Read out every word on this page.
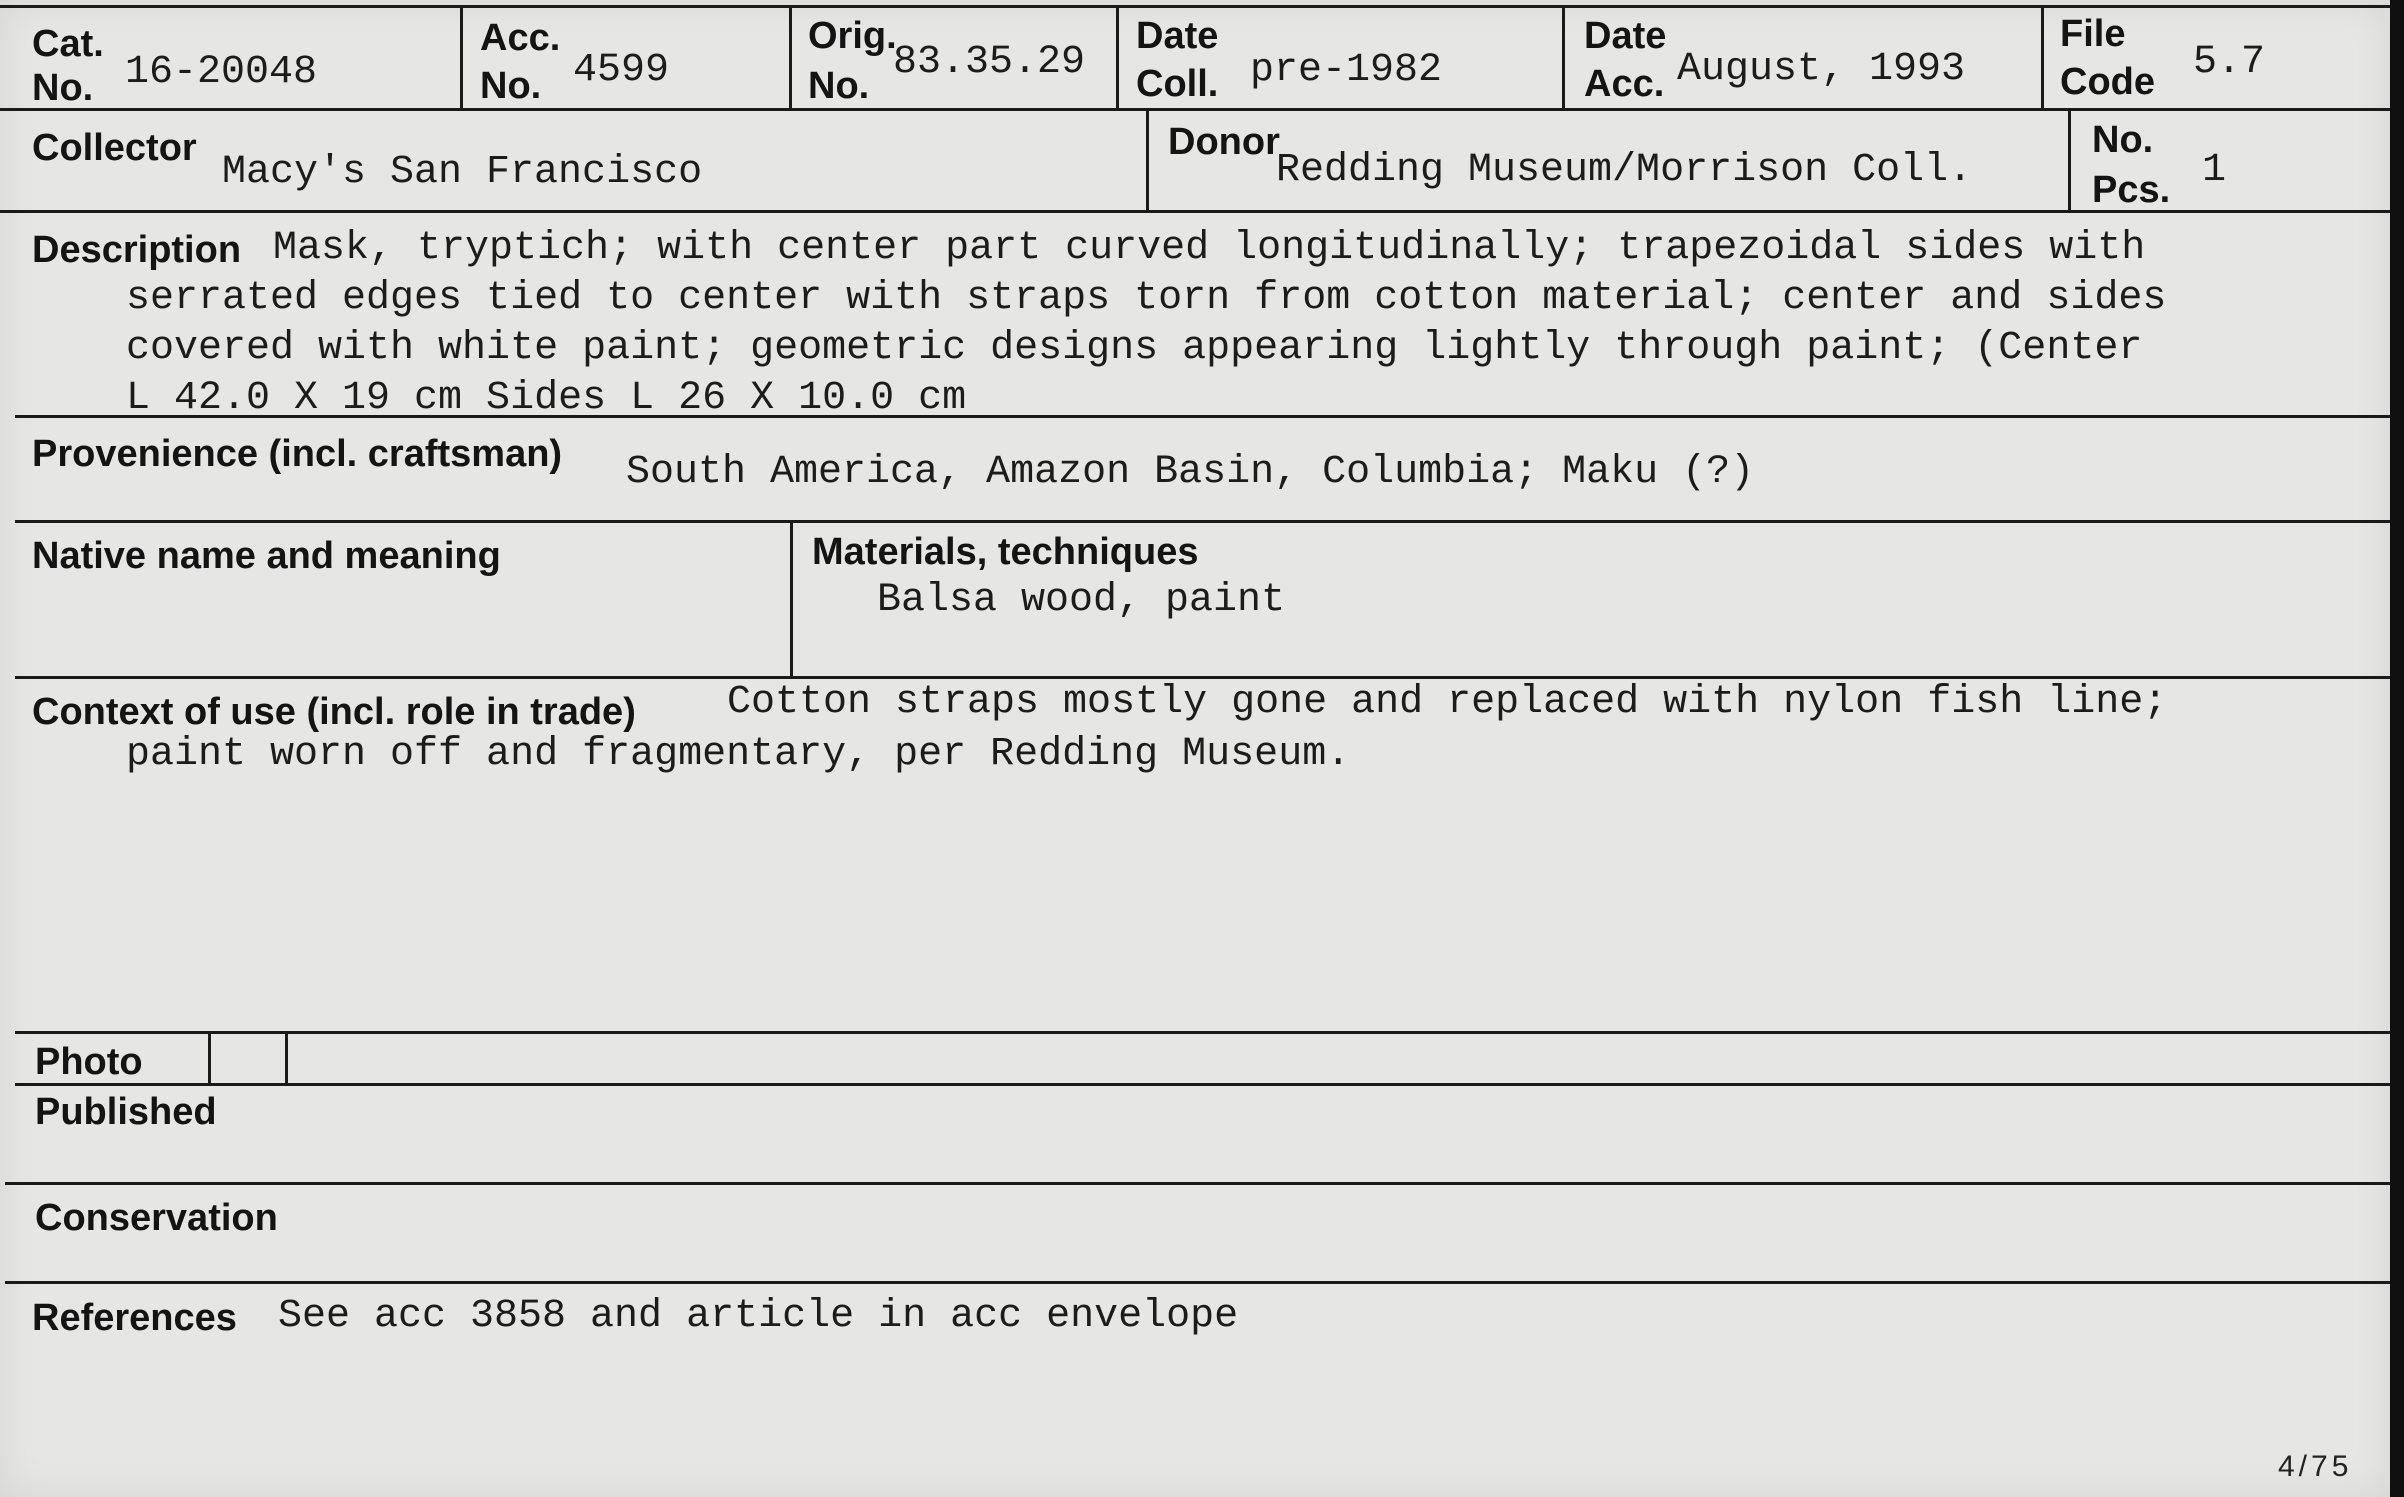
Cat.
No. 16-20048
Acc.
No. 4599
Orig.
No.
83.35.29
Date
Coll. pre-1982
Date
Acc. August, 1993
File
Code 5.7
Collector
Macy's San Francisco
Donor
Redding Museum/Morrison Coll.
No.
Pcs. 1
Description Mask, tryptich; with center part curved longitudinally; trapezoidal sides with
serrated edges tied to center with straps torn from cotton material; center and sides
covered with white paint; geometric designs appearing lightly through paint; (Center
L 42.0 X 19 cm Sides L 26 X 10.0 cm
Provenience (incl. craftsman) South America, Amazon Basin, Columbia; Maku (?)
Native name and meaning	Materials, techniques
Balsa wood, paint
Context of use (incl. role in trade) Cotton straps mostly gone and replaced with nylon fish line;
paint worn off and fragmentary, per Redding Museum.
Photo
Published
Conservation
References See acc 3858 and article in acc envelope
4/75
